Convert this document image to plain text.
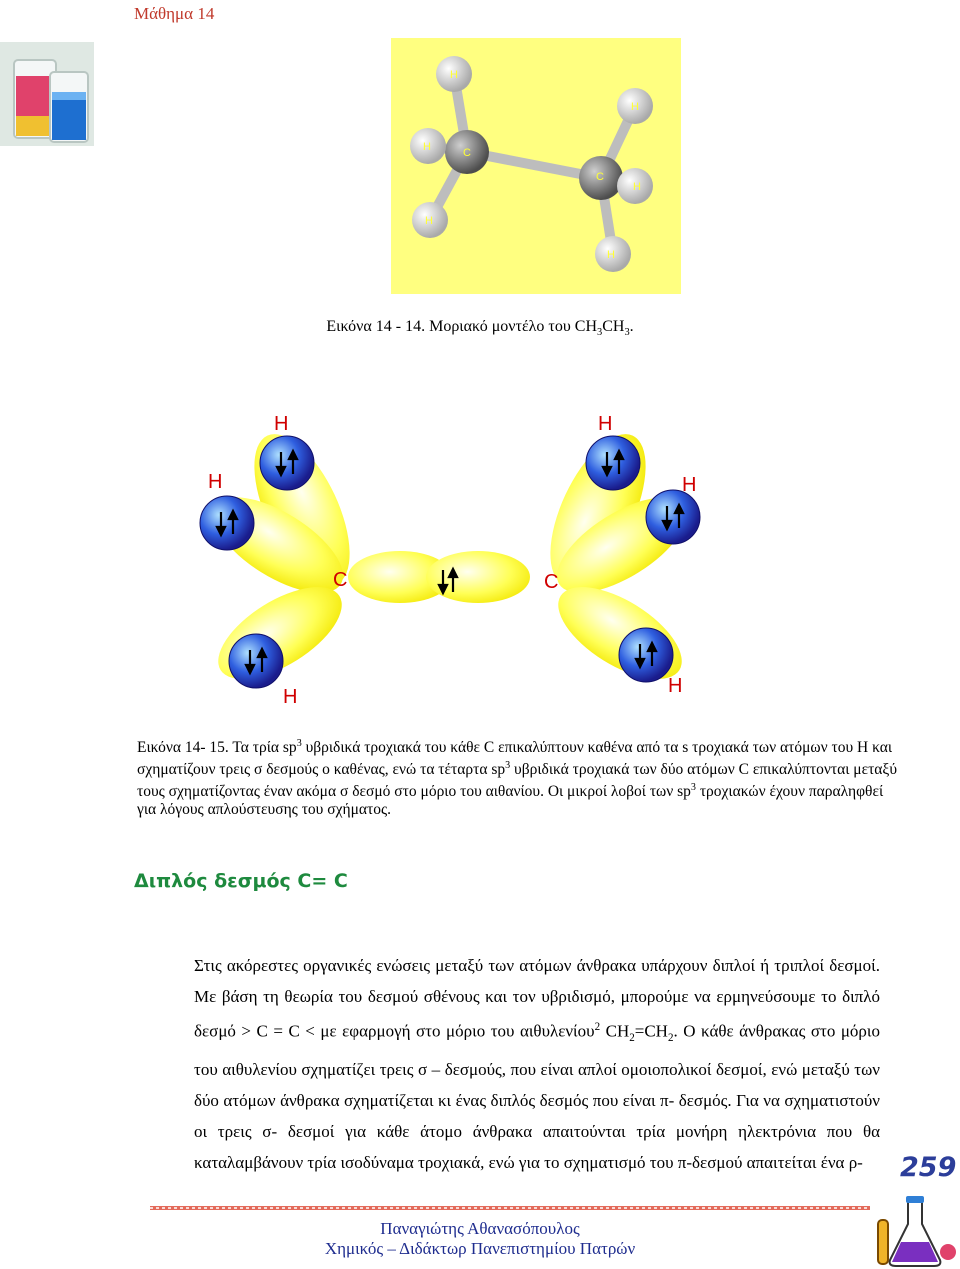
Μάθημα 14
H
H
H	C
C
H
H
H
Εικόνα 14 - 14. Μοριακό μοντέλο του $CH_3CH_3$.
H	H
H	H
C	C
H	H
Εικόνα 14- 15. Τα τρία $sp^3$ υβριδικά τροχιακά του κάθε C επικαλύπτουν καθένα από τα s τροχιακά των ατόμων του Η και σχηματίζουν τρεις σ δεσμούς ο καθένας, ενώ τα τέταρτα $sp^3$ υβριδικά τροχιακά των δύο ατόμων C επικαλύπτονται μεταξύ τους σχηματίζοντας έναν ακόμα σ δεσμό στο μόριο του αιθανίου. Οι μικροί λοβοί των $sp^3$ τροχιακών έχουν παραληφθεί για λόγους απλούστευσης του σχήματος.
Διπλός δεσμός C= C

Στις ακόρεστες οργανικές ενώσεις μεταξύ των ατόμων άνθρακα υπάρχουν διπλοί ή τριπλοί δεσμοί. Με βάση τη θεωρία του δεσμού σθένους και τον υβριδισμό, μπορούμε να ερμηνεύσουμε το διπλό δεσμό > C = C < με εφαρμογή στο μόριο του αιθυλενίου$^2$ $CH_2=CH_2$. Ο κάθε άνθρακας στο μόριο του αιθυλενίου σχηματίζει τρεις σ – δεσμούς, που είναι απλοί ομοιοπολικοί δεσμοί, ενώ μεταξύ των δύο ατόμων άνθρακα σχηματίζεται κι ένας διπλός δεσμός που είναι π- δεσμός. Για να σχηματιστούν οι τρεις σ- δεσμοί για κάθε άτομο άνθρακα απαιτούνται τρία μονήρη ηλεκτρόνια που θα καταλαμβάνουν τρία ισοδύναμα τροχιακά, ενώ για το σχηματισμό του π-δεσμού απαιτείται ένα ρ-	259
Παναγιώτης Αθανασόπουλος
Χημικός – Διδάκτωρ Πανεπιστημίου Πατρών
